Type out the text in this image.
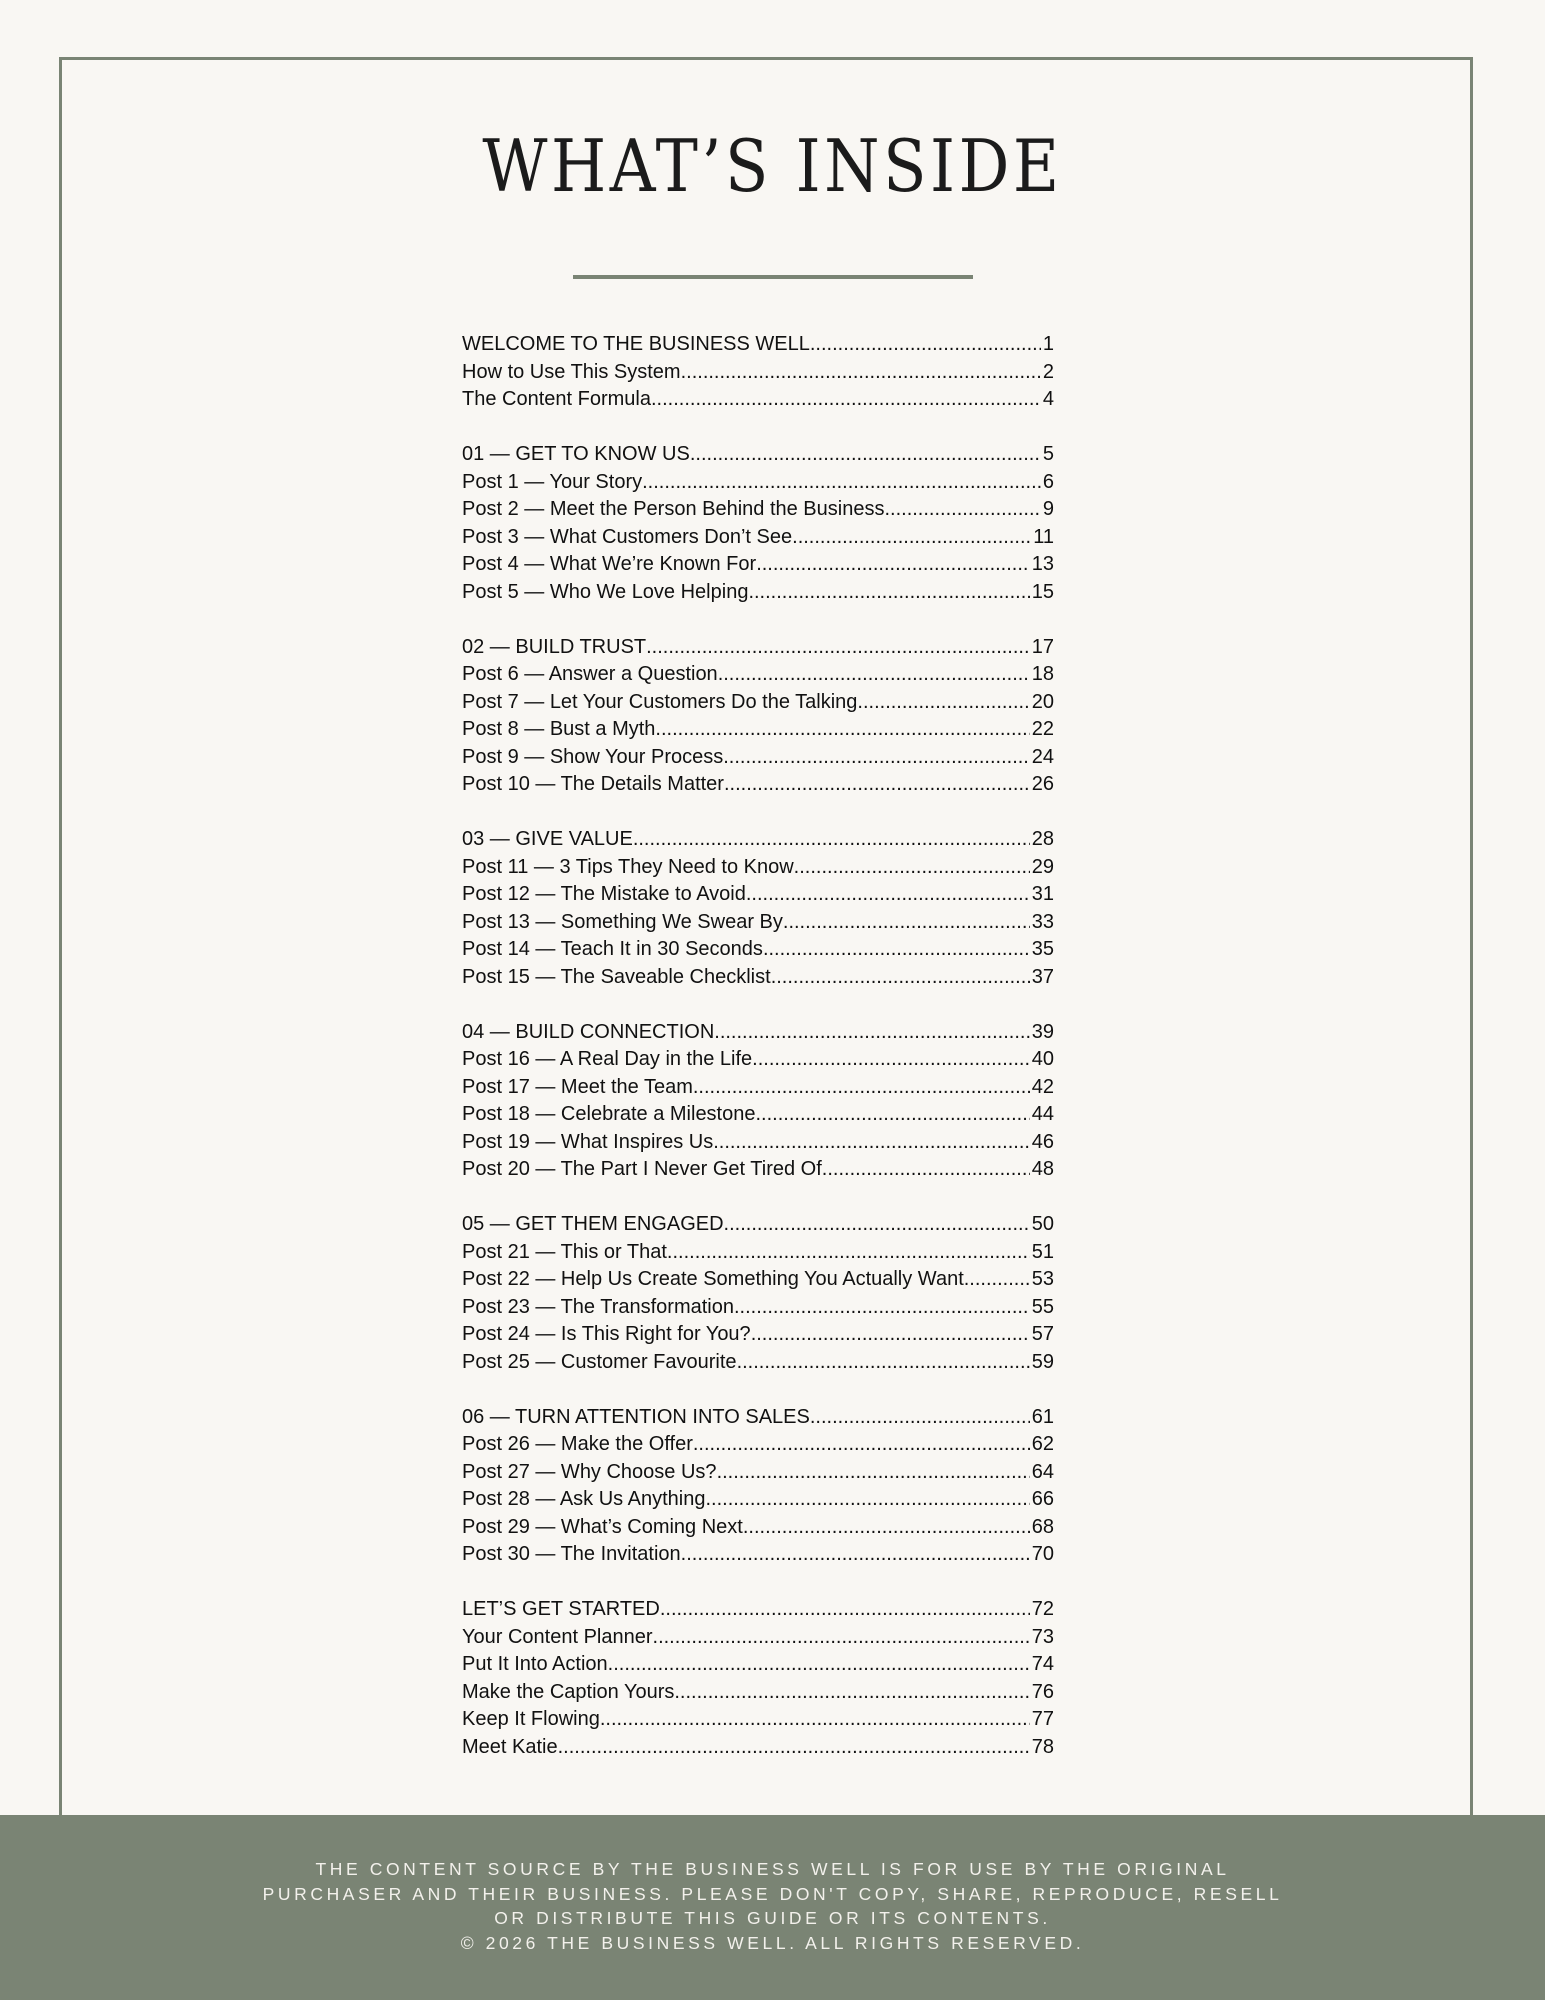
WHAT’S INSIDE
WELCOME TO THE BUSINESS WELL .....	1
How to Use This System .....	2
The Content Formula .....	4
01 — GET TO KNOW US .....	5
Post 1 — Your Story .....	6
Post 2 — Meet the Person Behind the Business .....	9
Post 3 — What Customers Don’t See .....	11
Post 4 — What We’re Known For .....	13
Post 5 — Who We Love Helping .....	15
02 — BUILD TRUST .....	17
Post 6 — Answer a Question .....	18
Post 7 — Let Your Customers Do the Talking .....	20
Post 8 — Bust a Myth .....	22
Post 9 — Show Your Process .....	24
Post 10 — The Details Matter .....	26
03 — GIVE VALUE .....	28
Post 11 — 3 Tips They Need to Know .....	29
Post 12 — The Mistake to Avoid .....	31
Post 13 — Something We Swear By .....	33
Post 14 — Teach It in 30 Seconds .....	35
Post 15 — The Saveable Checklist .....	37
04 — BUILD CONNECTION .....	39
Post 16 — A Real Day in the Life .....	40
Post 17 — Meet the Team .....	42
Post 18 — Celebrate a Milestone .....	44
Post 19 — What Inspires Us .....	46
Post 20 — The Part I Never Get Tired Of .....	48
05 — GET THEM ENGAGED .....	50
Post 21 — This or That .....	51
Post 22 — Help Us Create Something You Actually Want .....	53
Post 23 — The Transformation .....	55
Post 24 — Is This Right for You? .....	57
Post 25 — Customer Favourite .....	59
06 — TURN ATTENTION INTO SALES .....	61
Post 26 — Make the Offer .....	62
Post 27 — Why Choose Us? .....	64
Post 28 — Ask Us Anything .....	66
Post 29 — What’s Coming Next .....	68
Post 30 — The Invitation .....	70
LET’S GET STARTED .....	72
Your Content Planner .....	73
Put It Into Action .....	74
Make the Caption Yours .....	76
Keep It Flowing .....	77
Meet Katie .....	78
THE CONTENT SOURCE BY THE BUSINESS WELL IS FOR USE BY THE ORIGINAL
PURCHASER AND THEIR BUSINESS. PLEASE DON'T COPY, SHARE, REPRODUCE, RESELL
OR DISTRIBUTE THIS GUIDE OR ITS CONTENTS.
© 2026 THE BUSINESS WELL. ALL RIGHTS RESERVED.
